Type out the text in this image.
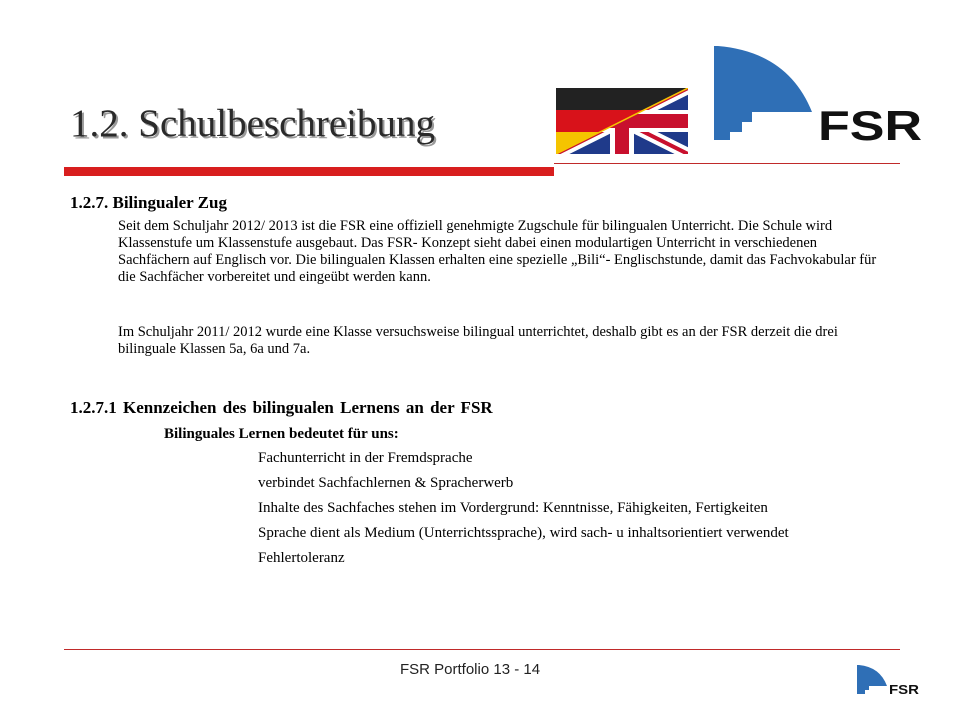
1.2. Schulbeschreibung	FSR
1.2.7. Bilingualer Zug
Seit dem Schuljahr 2012/ 2013 ist die FSR eine offiziell genehmigte Zugschule für bilingualen Unterricht. Die Schule wird Klassenstufe um Klassenstufe ausgebaut. Das FSR- Konzept sieht dabei einen modulartigen Unterricht in verschiedenen Sachfächern auf Englisch vor. Die bilingualen Klassen erhalten eine spezielle „Bili“- Englischstunde, damit das Fachvokabular für die Sachfächer vorbereitet und eingeübt werden kann.
Im Schuljahr 2011/ 2012 wurde eine Klasse versuchsweise bilingual unterrichtet, deshalb gibt es an der FSR derzeit die drei bilinguale Klassen 5a, 6a und 7a.
1.2.7.1 Kennzeichen des bilingualen Lernens an der FSR
Bilinguales Lernen bedeutet für uns:
Fachunterricht in der Fremdsprache
verbindet Sachfachlernen & Spracherwerb
Inhalte des Sachfaches stehen im Vordergrund: Kenntnisse, Fähigkeiten, Fertigkeiten
Sprache dient als Medium (Unterrichtssprache), wird sach- u inhaltsorientiert verwendet
Fehlertoleranz
FSR Portfolio 13 - 14
FSR
